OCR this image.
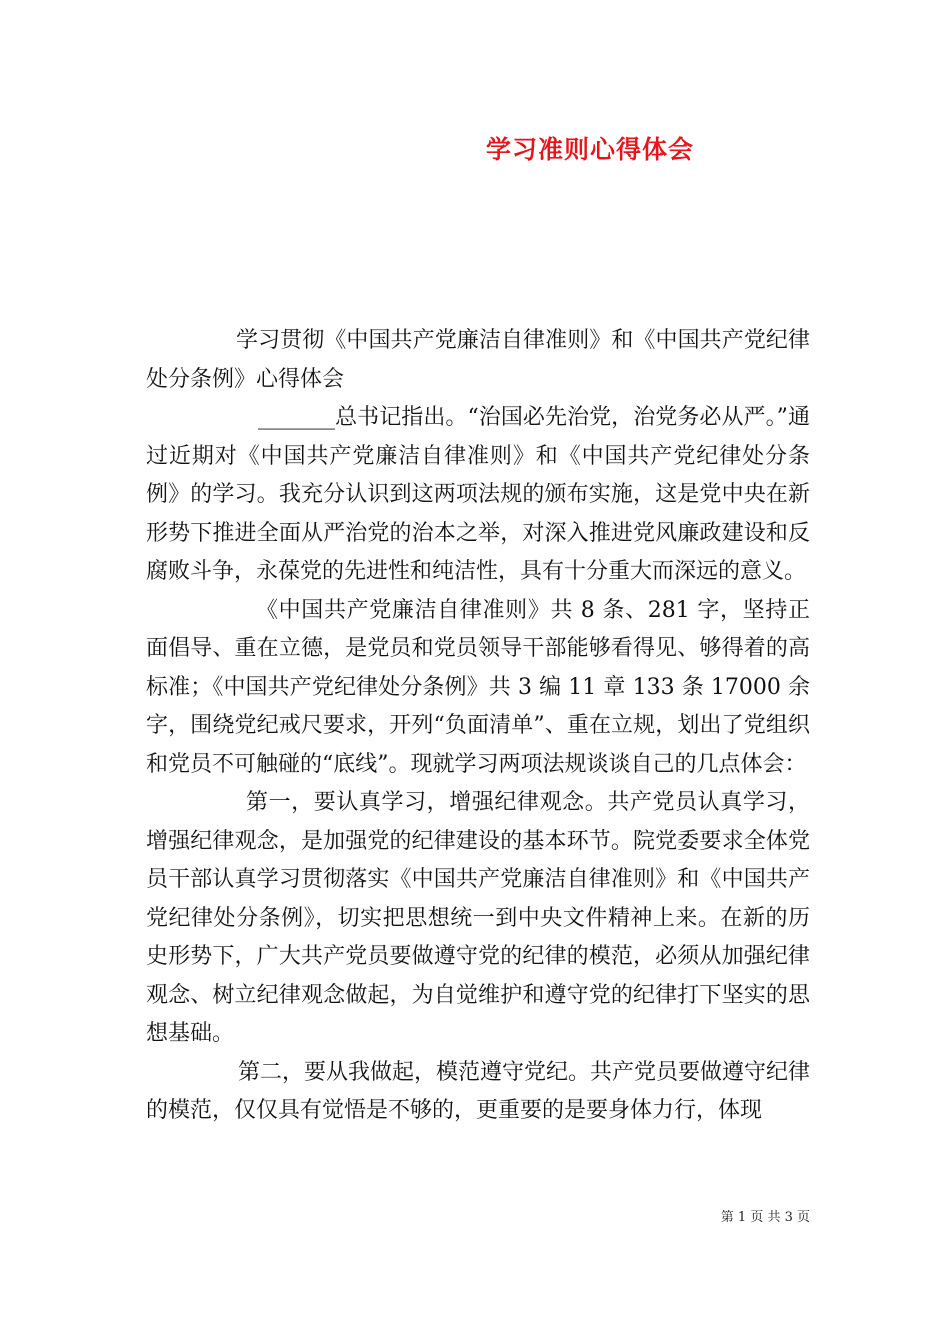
学习准则心得体会

学习贯彻《中国共产党廉洁自律准则》和《中国共产党纪律处分条例》心得体会

_______总书记指出。“治国必先治党，治党务必从严。”通过近期对《中国共产党廉洁自律准则》和《中国共产党纪律处分条例》的学习。我充分认识到这两项法规的颁布实施，这是党中央在新形势下推进全面从严治党的治本之举，对深入推进党风廉政建设和反腐败斗争，永葆党的先进性和纯洁性，具有十分重大而深远的意义。

《中国共产党廉洁自律准则》共 8 条、281 字，坚持正面倡导、重在立德，是党员和党员领导干部能够看得见、够得着的高标准；《中国共产党纪律处分条例》共 3 编 11 章 133 条 17000 余字，围绕党纪戒尺要求，开列“负面清单”、重在立规，划出了党组织和党员不可触碰的“底线”。现就学习两项法规谈谈自己的几点体会：

第一，要认真学习，增强纪律观念。共产党员认真学习，增强纪律观念，是加强党的纪律建设的基本环节。院党委要求全体党员干部认真学习贯彻落实《中国共产党廉洁自律准则》和《中国共产党纪律处分条例》，切实把思想统一到中央文件精神上来。在新的历史形势下，广大共产党员要做遵守党的纪律的模范，必须从加强纪律观念、树立纪律观念做起，为自觉维护和遵守党的纪律打下坚实的思想基础。

第二，要从我做起，模范遵守党纪。共产党员要做遵守纪律的模范，仅仅具有觉悟是不够的，更重要的是要身体力行，体现

第 1 页 共 3 页
